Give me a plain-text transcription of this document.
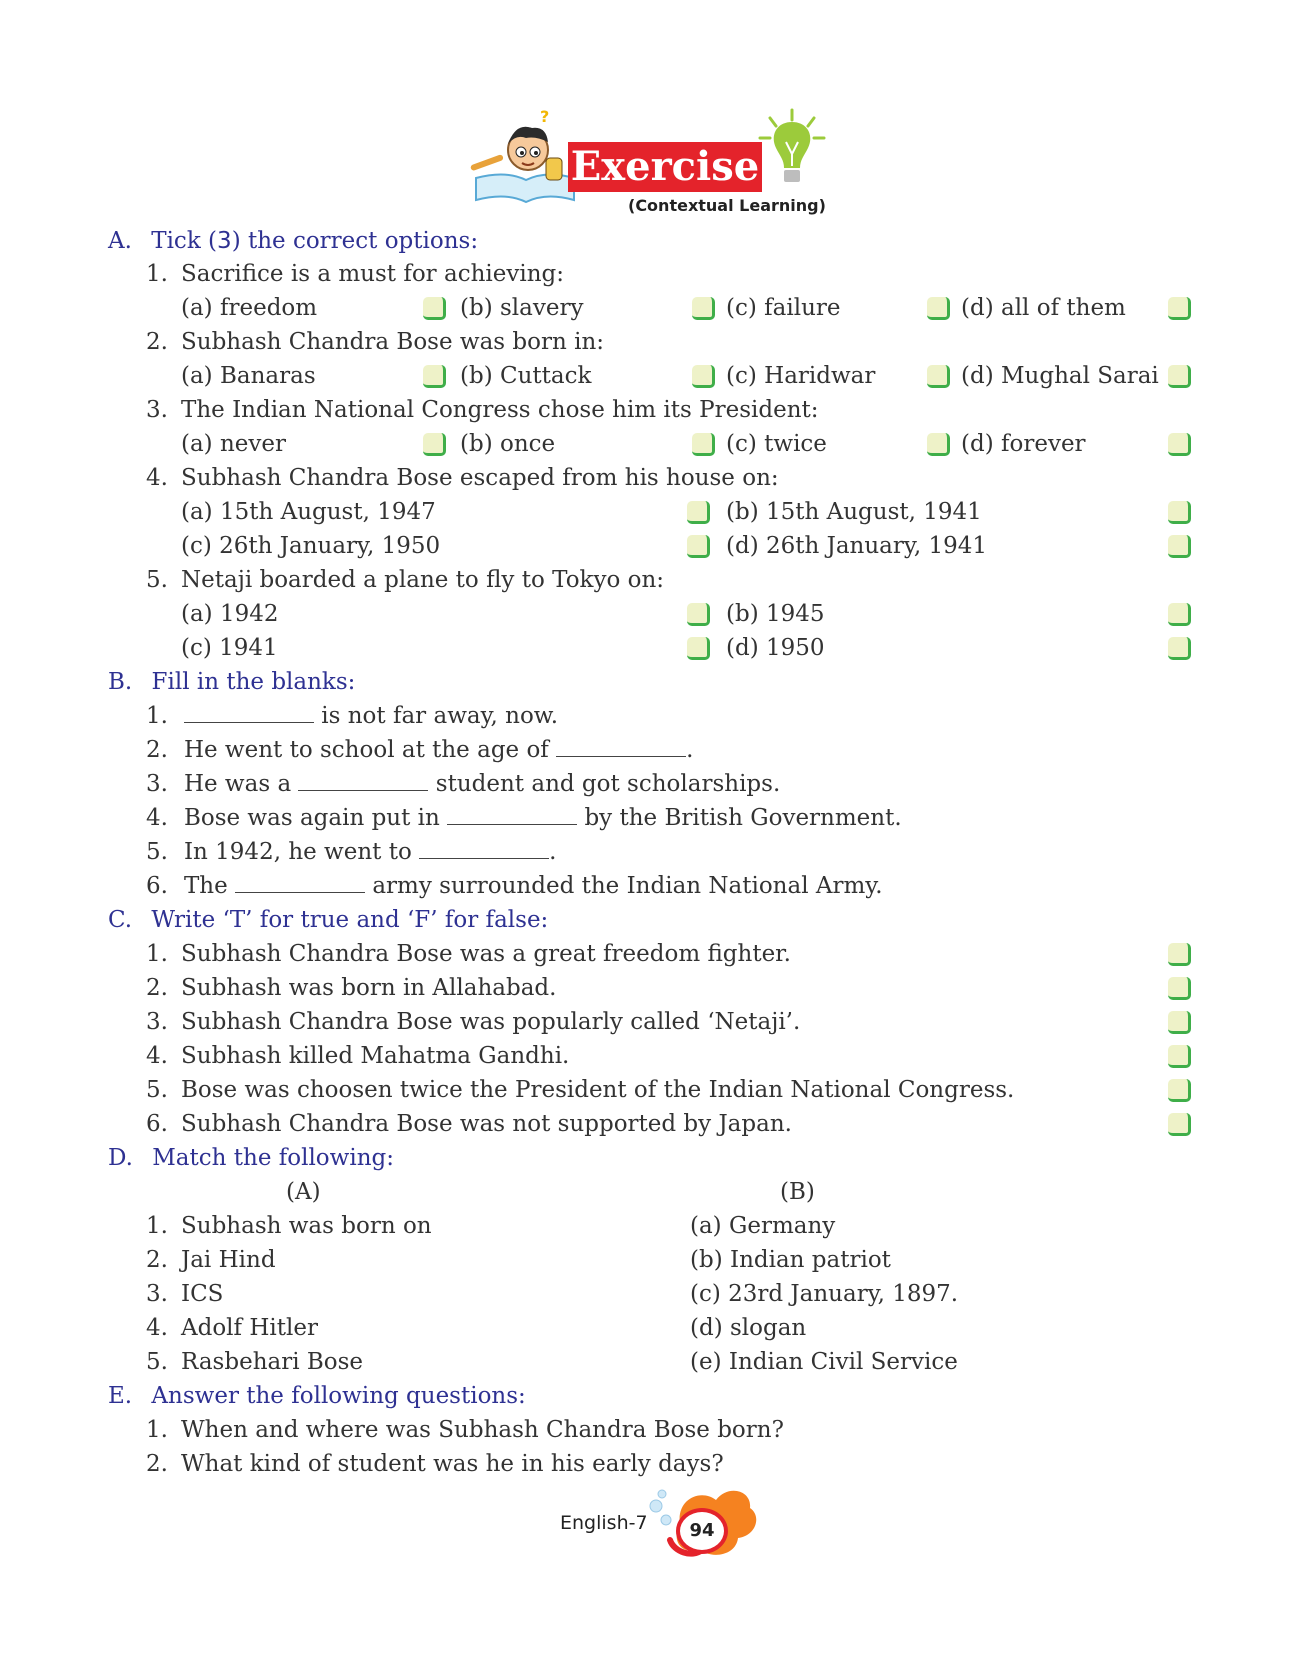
?
Exercise
(Contextual Learning)
A. Tick (3) the correct options:
1. Sacrifice is a must for achieving:
(a) freedom	(b) slavery	(c) failure	(d) all of them
2. Subhash Chandra Bose was born in:
(a) Banaras	(b) Cuttack	(c) Haridwar	(d) Mughal Sarai
3. The Indian National Congress chose him its President:
(a) never	(b) once	(c) twice	(d) forever
4. Subhash Chandra Bose escaped from his house on:
(a) 15th August, 1947	(b) 15th August, 1941
(c) 26th January, 1950	(d) 26th January, 1941
5. Netaji boarded a plane to fly to Tokyo on:
(a) 1942	(b) 1945
(c) 1941	(d) 1950
B. Fill in the blanks:
1.	is not far away, now.
2. He went to school at the age of	.
3. He was a	student and got scholarships.
4. Bose was again put in	by the British Government.
5. In 1942, he went to	.
6. The	army surrounded the Indian National Army.
C. Write ‘T’ for true and ‘F’ for false:
1. Subhash Chandra Bose was a great freedom fighter.
2. Subhash was born in Allahabad.
3. Subhash Chandra Bose was popularly called ‘Netaji’.
4. Subhash killed Mahatma Gandhi.
5. Bose was choosen twice the President of the Indian National Congress.
6. Subhash Chandra Bose was not supported by Japan.
D. Match the following:
(A)	(B)
1. Subhash was born on	(a) Germany
2. Jai Hind	(b) Indian patriot
3. ICS	(c) 23rd January, 1897.
4. Adolf Hitler	(d) slogan
5. Rasbehari Bose	(e) Indian Civil Service
E. Answer the following questions:
1. When and where was Subhash Chandra Bose born?
2. What kind of student was he in his early days?
English-7	94
